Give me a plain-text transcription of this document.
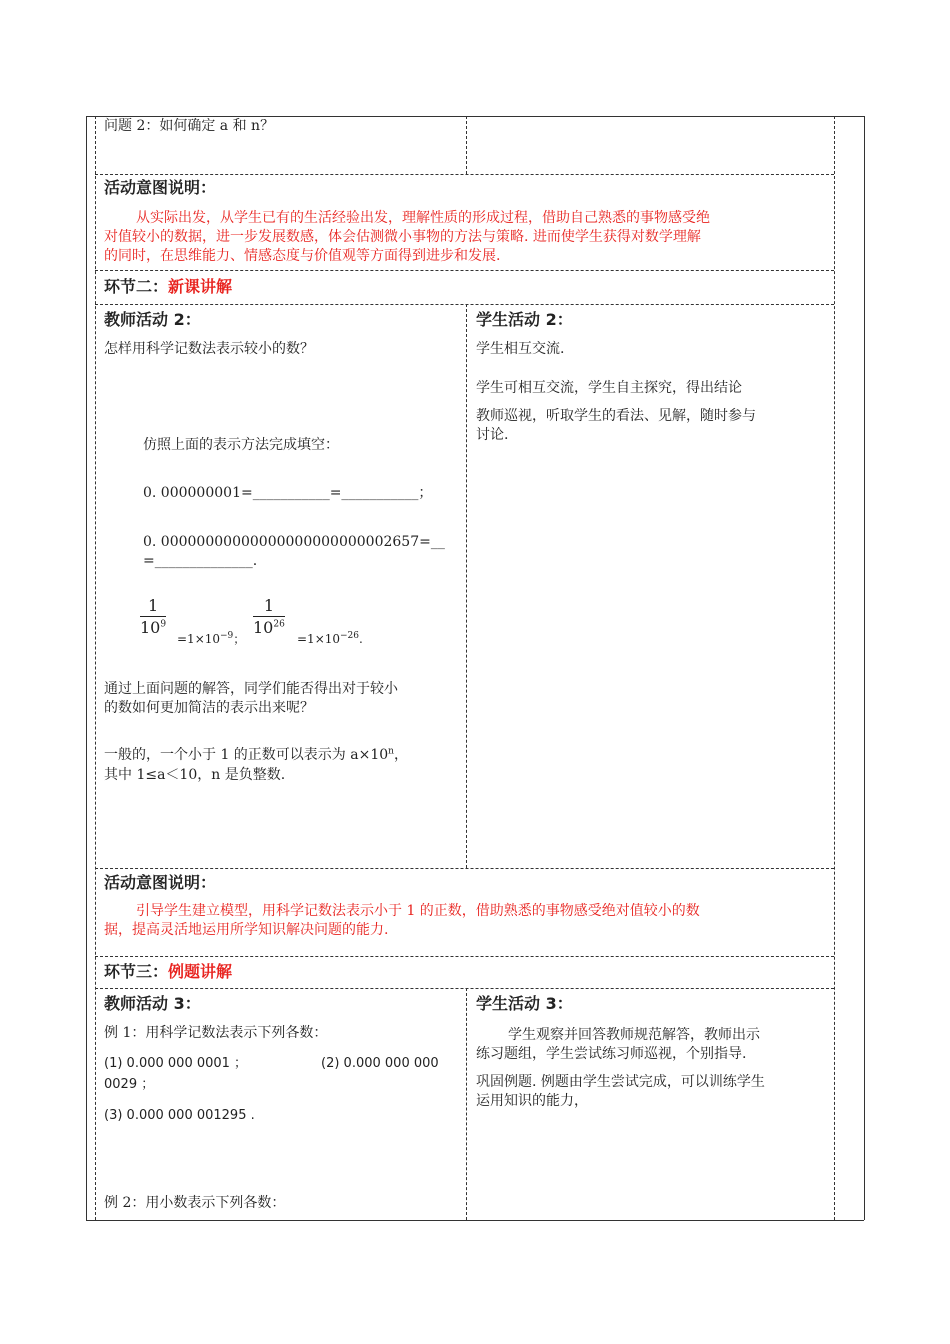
问题 2：如何确定 a 和 n？
活动意图说明：
从实际出发，从学生已有的生活经验出发，理解性质的形成过程，借助自己熟悉的事物感受绝
对值较小的数据，进一步发展数感，体会估测微小事物的方法与策略. 进而使学生获得对数学理解
的同时，在思维能力、情感态度与价值观等方面得到进步和发展.
环节二：新课讲解
教师活动 2：
怎样用科学记数法表示较小的数？
仿照上面的表示方法完成填空：
0. 000000001=___________=___________；
0. 00000000000000000000000002657=__
=______________.
1
$10^9$
$=1\times 10^{-9}$；
1
$10^{26}$
$=1\times 10^{-26}$.
通过上面问题的解答，同学们能否得出对于较小
的数如何更加简洁的表示出来呢？
一般的，一个小于 1 的正数可以表示为 $a\times 10^n$，
其中 1≤a＜10，n 是负整数.
学生活动 2：
学生相互交流.
学生可相互交流，学生自主探究，得出结论
教师巡视，听取学生的看法、见解，随时参与
讨论.
活动意图说明：
引导学生建立模型，用科学记数法表示小于 1 的正数，借助熟悉的事物感受绝对值较小的数
据，提高灵活地运用所学知识解决问题的能力.
环节三：例题讲解
教师活动 3：
例 1：用科学记数法表示下列各数：
(1) 0.000 000 0001 ；	(2) 0.000 000 000
0029 ；
(3) 0.000 000 001295 .
例 2：用小数表示下列各数：
学生活动 3：
学生观察并回答教师规范解答，教师出示
练习题组，学生尝试练习师巡视，个别指导.
巩固例题. 例题由学生尝试完成，可以训练学生
运用知识的能力，
